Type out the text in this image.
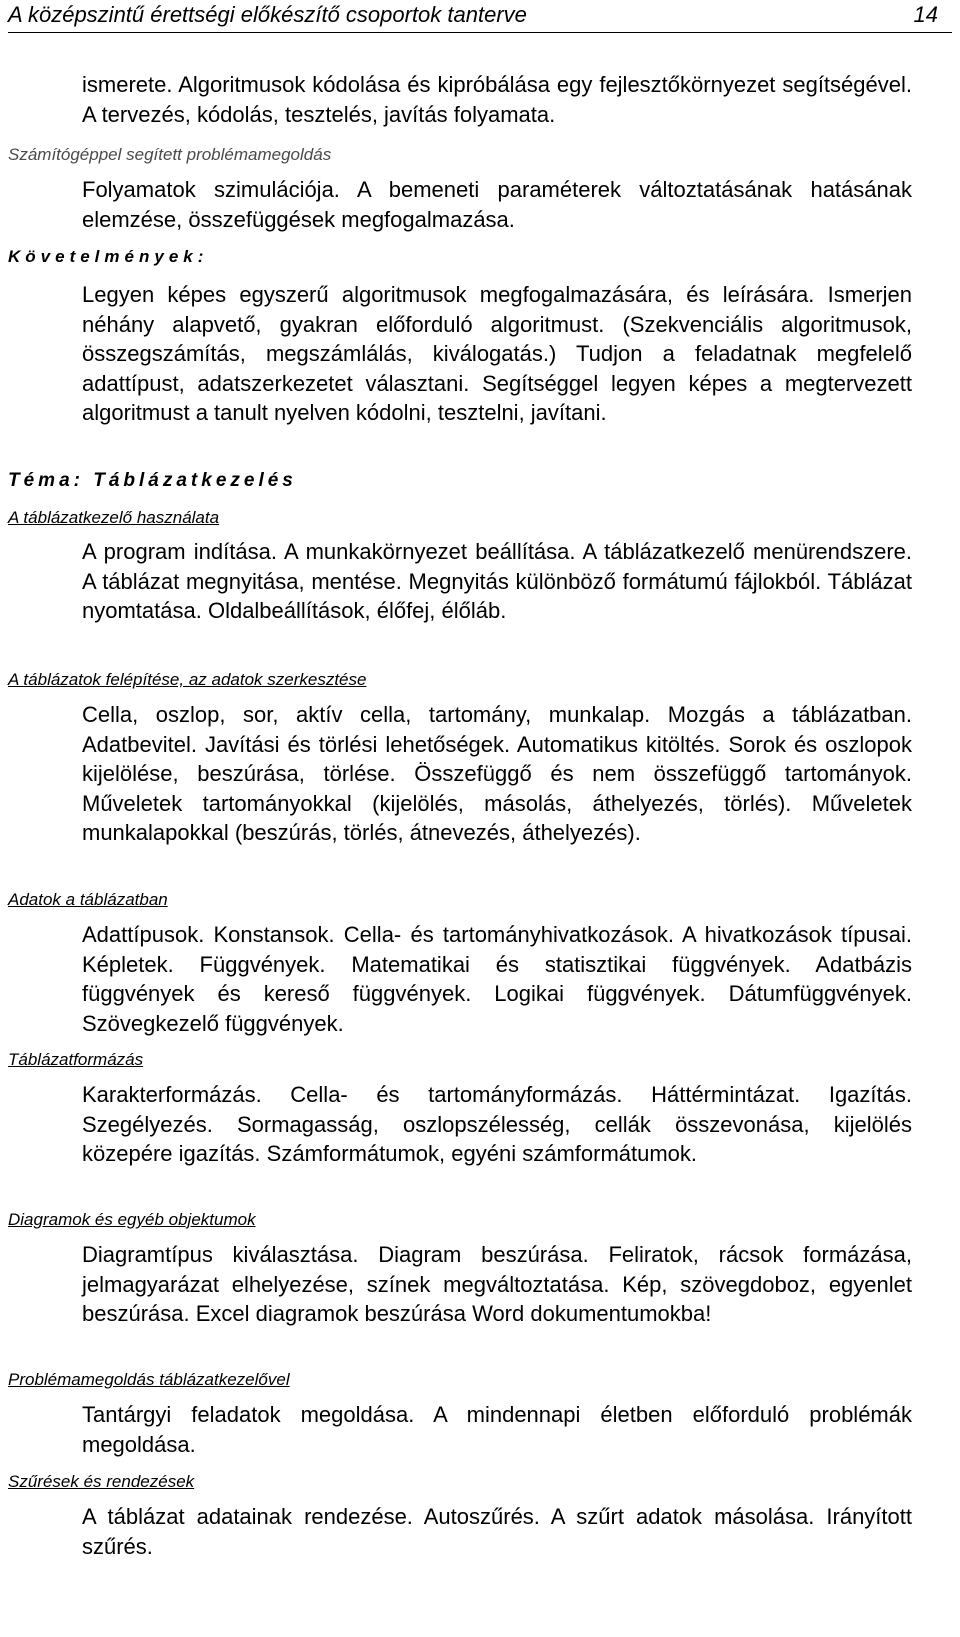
A középszintű érettségi előkészítő csoportok tanterve	14
ismerete. Algoritmusok kódolása és kipróbálása egy fejlesztőkörnyezet segítségével. A tervezés, kódolás, tesztelés, javítás folyamata.
Számítógéppel segített problémamegoldás
Folyamatok szimulációja. A bemeneti paraméterek változtatásának hatásának elemzése, összefüggések megfogalmazása.
Követelmények:
Legyen képes egyszerű algoritmusok megfogalmazására, és leírására. Ismerjen néhány alapvető, gyakran előforduló algoritmust. (Szekvenciális algoritmusok, összegszámítás, megszámlálás, kiválogatás.) Tudjon a feladatnak megfelelő adattípust, adatszerkezetet választani. Segítséggel legyen képes a megtervezett algoritmust a tanult nyelven kódolni, tesztelni, javítani.
Téma: Táblázatkezelés
A táblázatkezelő használata
A program indítása. A munkakörnyezet beállítása. A táblázatkezelő menürendszere. A táblázat megnyitása, mentése. Megnyitás különböző formátumú fájlokból. Táblázat nyomtatása. Oldalbeállítások, élőfej, élőláb.
A táblázatok felépítése, az adatok szerkesztése
Cella, oszlop, sor, aktív cella, tartomány, munkalap. Mozgás a táblázatban. Adatbevitel. Javítási és törlési lehetőségek. Automatikus kitöltés. Sorok és oszlopok kijelölése, beszúrása, törlése. Összefüggő és nem összefüggő tartományok. Műveletek tartományokkal (kijelölés, másolás, áthelyezés, törlés). Műveletek munkalapokkal (beszúrás, törlés, átnevezés, áthelyezés).
Adatok a táblázatban
Adattípusok. Konstansok. Cella- és tartományhivatkozások. A hivatkozások típusai. Képletek. Függvények. Matematikai és statisztikai függvények. Adatbázis függvények és kereső függvények. Logikai függvények. Dátumfüggvények. Szövegkezelő függvények.
Táblázatformázás
Karakterformázás. Cella- és tartományformázás. Háttérmintázat. Igazítás. Szegélyezés. Sormagasság, oszlopszélesség, cellák összevonása, kijelölés közepére igazítás. Számformátumok, egyéni számformátumok.
Diagramok és egyéb objektumok
Diagramtípus kiválasztása. Diagram beszúrása. Feliratok, rácsok formázása, jelmagyarázat elhelyezése, színek megváltoztatása. Kép, szövegdoboz, egyenlet beszúrása. Excel diagramok beszúrása Word dokumentumokba!
Problémamegoldás táblázatkezelővel
Tantárgyi feladatok megoldása. A mindennapi életben előforduló problémák megoldása.
Szűrések és rendezések
A táblázat adatainak rendezése. Autoszűrés. A szűrt adatok másolása. Irányított szűrés.
